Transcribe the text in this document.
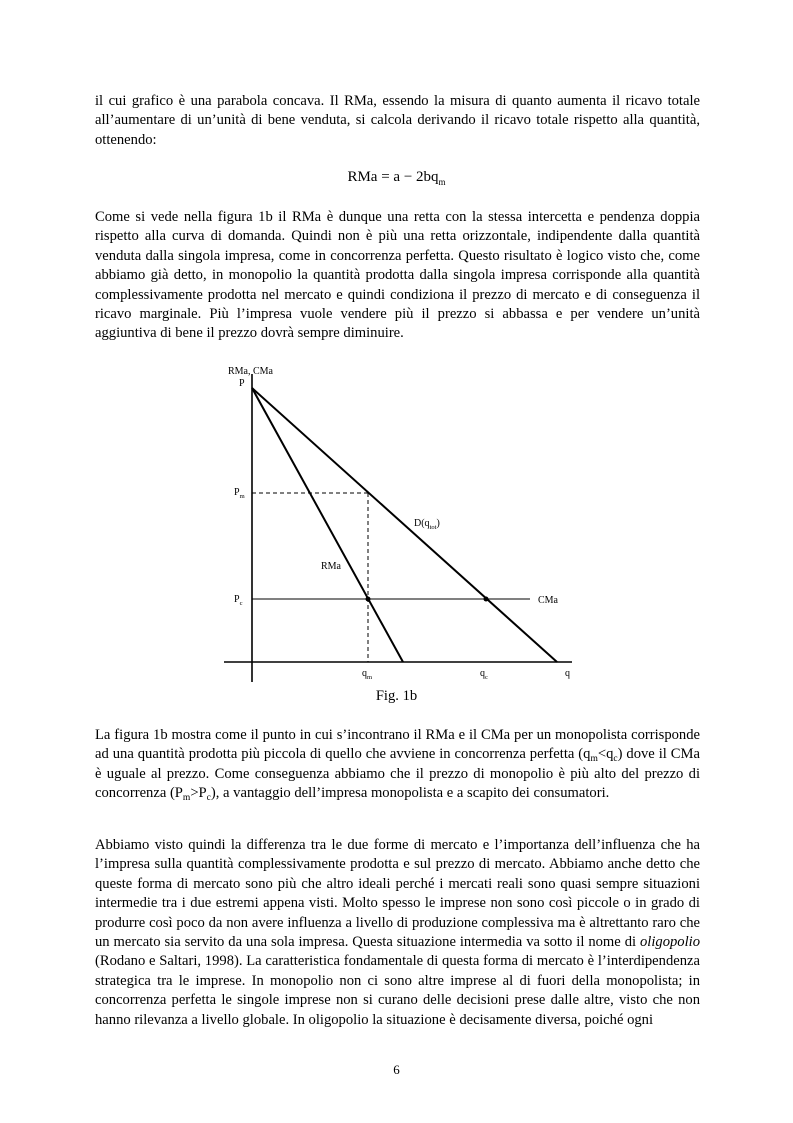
il cui grafico è una parabola concava. Il RMa, essendo la misura di quanto aumenta il ricavo totale all’aumentare di un’unità di bene venduta, si calcola derivando il ricavo totale rispetto alla quantità, ottenendo:

RMa = $a - 2bq_m$

Come si vede nella figura 1b il RMa è dunque una retta con la stessa intercetta e pendenza doppia rispetto alla curva di domanda. Quindi non è più una retta orizzontale, indipendente dalla quantità venduta dalla singola impresa, come in concorrenza perfetta. Questo risultato è logico visto che, come abbiamo già detto, in monopolio la quantità prodotta dalla singola impresa corrisponde alla quantità complessivamente prodotta nel mercato e quindi condiziona il prezzo di mercato e di conseguenza il ricavo marginale. Più l’impresa vuole vendere più il prezzo si abbassa e per vendere un’unità aggiuntiva di bene il prezzo dovrà sempre diminuire.

RMa, CMa
P
$P_m$
$P_c$
$D(q_{tot})$
RMa
CMa
$q_m$	$q_c$	q
Fig. 1b

La figura 1b mostra come il punto in cui s’incontrano il RMa e il CMa per un monopolista corrisponde ad una quantità prodotta più piccola di quello che avviene in concorrenza perfetta $(q_m<q_c)$ dove il CMa è uguale al prezzo. Come conseguenza abbiamo che il prezzo di monopolio è più alto del prezzo di concorrenza $(P_m>P_c)$, a vantaggio dell’impresa monopolista e a scapito dei consumatori.

Abbiamo visto quindi la differenza tra le due forme di mercato e l’importanza dell’influenza che ha l’impresa sulla quantità complessivamente prodotta e sul prezzo di mercato. Abbiamo anche detto che queste forma di mercato sono più che altro ideali perché i mercati reali sono quasi sempre situazioni intermedie tra i due estremi appena visti. Molto spesso le imprese non sono così piccole o in grado di produrre così poco da non avere influenza a livello di produzione complessiva ma è altrettanto raro che un mercato sia servito da una sola impresa. Questa situazione intermedia va sotto il nome di oligopolio (Rodano e Saltari, 1998). La caratteristica fondamentale di questa forma di mercato è l’interdipendenza strategica tra le imprese. In monopolio non ci sono altre imprese al di fuori della monopolista; in concorrenza perfetta le singole imprese non si curano delle decisioni prese dalle altre, visto che non hanno rilevanza a livello globale. In oligopolio la situazione è decisamente diversa, poiché ogni

6
